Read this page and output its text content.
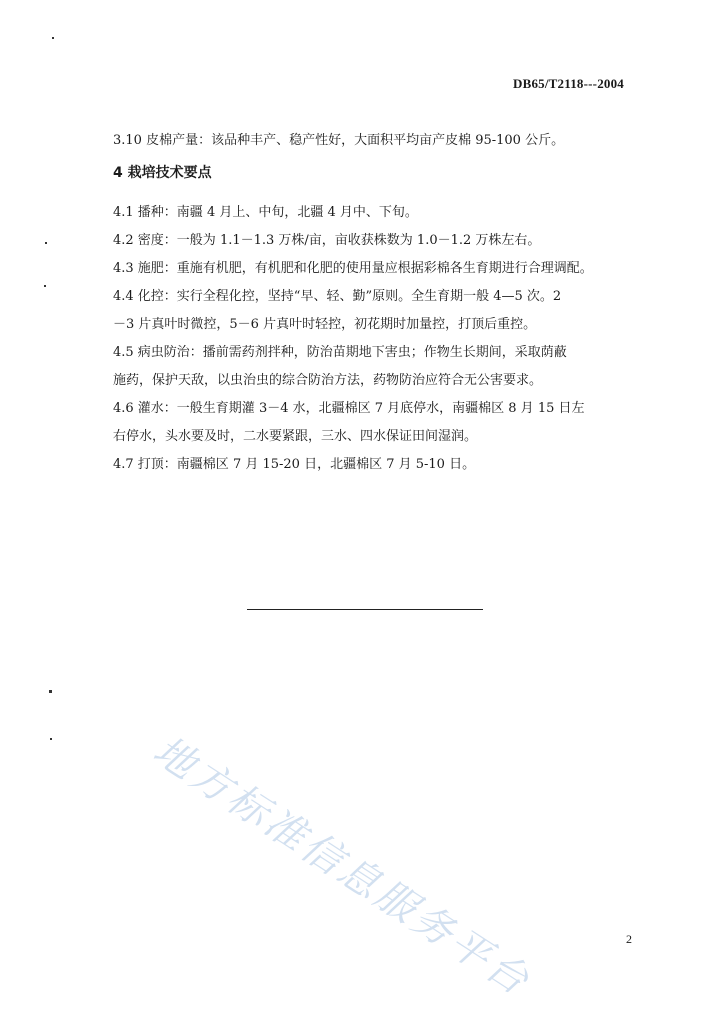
DB65/T2118---2004
地方标准信息服务平台

3.10 皮棉产量：该品种丰产、稳产性好，大面积平均亩产皮棉 95-100 公斤。

4 栽培技术要点

4.1 播种：南疆 4 月上、中旬，北疆 4 月中、下旬。

4.2 密度：一般为 1.1－1.3 万株/亩，亩收获株数为 1.0－1.2 万株左右。

4.3 施肥：重施有机肥，有机肥和化肥的使用量应根据彩棉各生育期进行合理调配。

4.4 化控：实行全程化控，坚持“早、轻、勤”原则。全生育期一般 4—5 次。2

－3 片真叶时微控，5－6 片真叶时轻控，初花期时加量控，打顶后重控。

4.5 病虫防治：播前需药剂拌种，防治苗期地下害虫；作物生长期间，采取荫蔽

施药，保护天敌，以虫治虫的综合防治方法，药物防治应符合无公害要求。

4.6 灌水：一般生育期灌 3－4 水，北疆棉区 7 月底停水，南疆棉区 8 月 15 日左

右停水，头水要及时，二水要紧跟，三水、四水保证田间湿润。

4.7 打顶：南疆棉区 7 月 15-20 日，北疆棉区 7 月 5-10 日。

2
